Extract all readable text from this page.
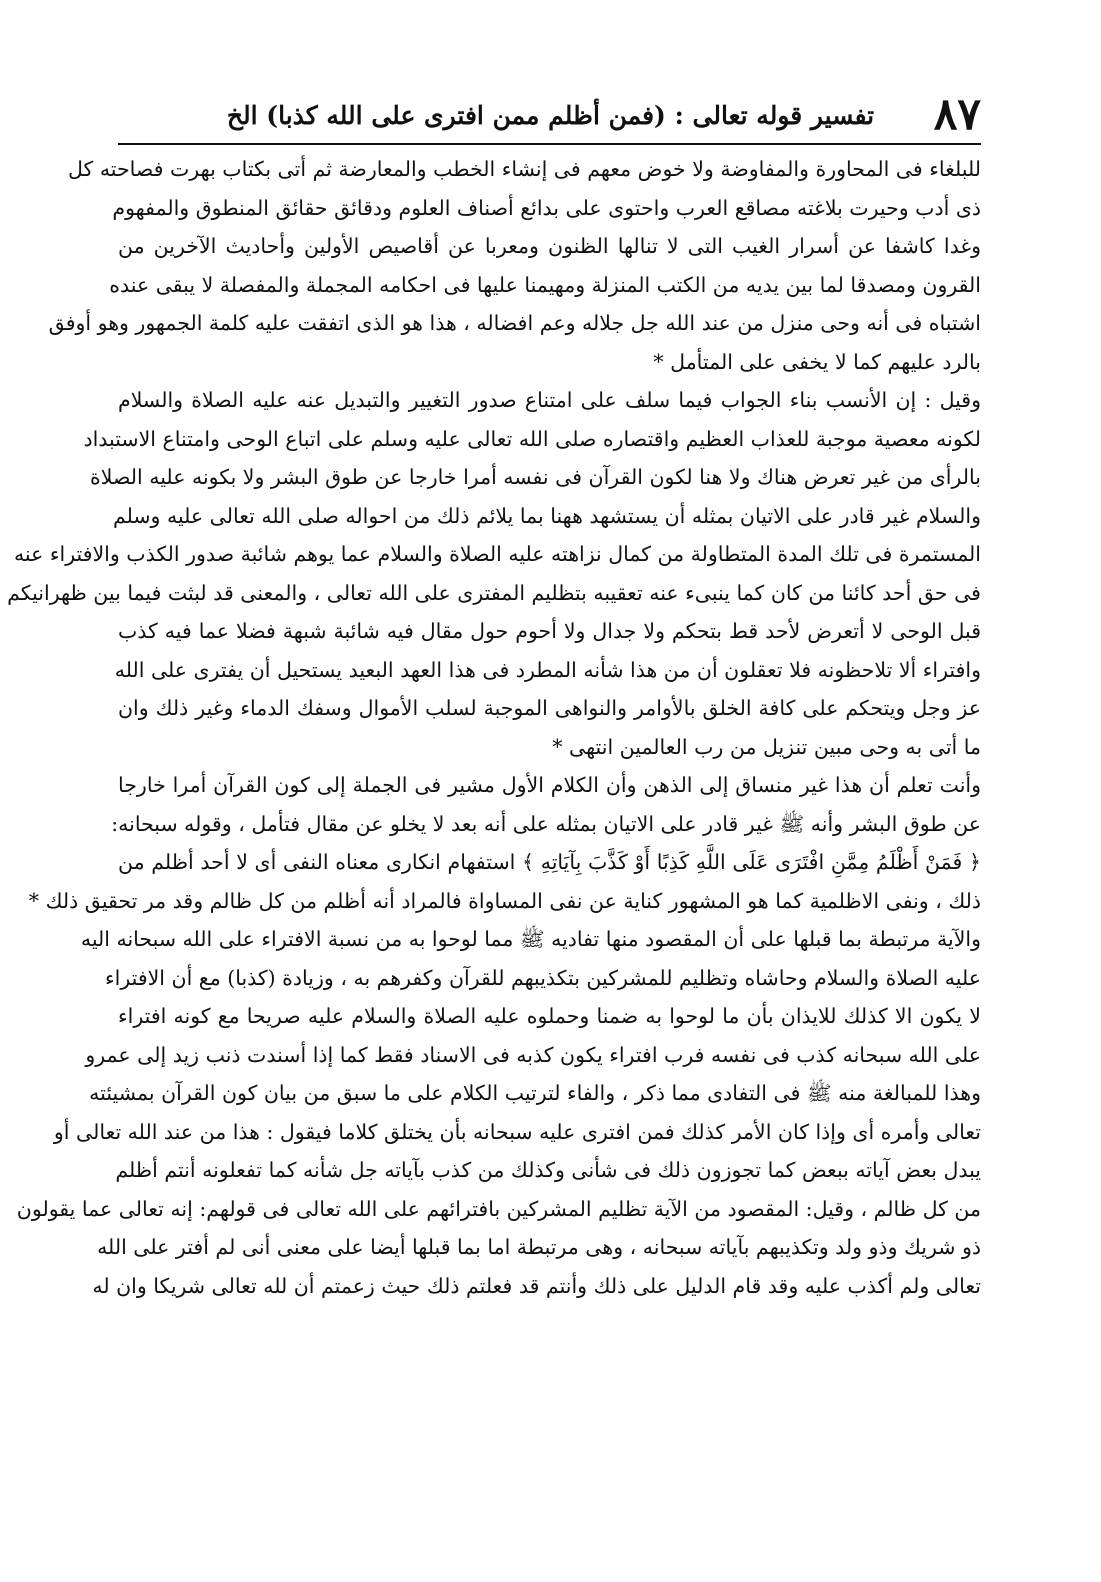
٨٧
تفسير قوله تعالى : (فمن أظلم ممن افترى على الله كذبا) الخ
للبلغاء فى المحاورة والمفاوضة ولا خوض معهم فى إنشاء الخطب والمعارضة ثم أتى بكتاب بهرت فصاحته كل
ذى أدب وحيرت بلاغته مصاقع العرب واحتوى على بدائع أصناف العلوم ودقائق حقائق المنطوق والمفهوم
وغدا كاشفا عن أسرار الغيب التى لا تنالها الظنون ومعربا عن أقاصيص الأولين وأحاديث الآخرين من
القرون ومصدقا لما بين يديه من الكتب المنزلة ومهيمنا عليها فى احكامه المجملة والمفصلة لا يبقى عنده
اشتباه فى أنه وحى منزل من عند الله جل جلاله وعم افضاله ، هذا هو الذى اتفقت عليه كلمة الجمهور وهو أوفق
بالرد عليهم كما لا يخفى على المتأمل *
وقيل : إن الأنسب بناء الجواب فيما سلف على امتناع صدور التغيير والتبديل عنه عليه الصلاة والسلام
لكونه معصية موجبة للعذاب العظيم واقتصاره صلى الله تعالى عليه وسلم على اتباع الوحى وامتناع الاستبداد
بالرأى من غير تعرض هناك ولا هنا لكون القرآن فى نفسه أمرا خارجا عن طوق البشر ولا بكونه عليه الصلاة
والسلام غير قادر على الاتيان بمثله أن يستشهد ههنا بما يلائم ذلك من احواله صلى الله تعالى عليه وسلم
المستمرة فى تلك المدة المتطاولة من كمال نزاهته عليه الصلاة والسلام عما يوهم شائبة صدور الكذب والافتراء عنه
فى حق أحد كائنا من كان كما ينبىء عنه تعقيبه بتظليم المفترى على الله تعالى ، والمعنى قد لبثت فيما بين ظهرانيكم
قبل الوحى لا أتعرض لأحد قط بتحكم ولا جدال ولا أحوم حول مقال فيه شائبة شبهة فضلا عما فيه كذب
وافتراء ألا تلاحظونه فلا تعقلون أن من هذا شأنه المطرد فى هذا العهد البعيد يستحيل أن يفترى على الله
عز وجل ويتحكم على كافة الخلق بالأوامر والنواهى الموجبة لسلب الأموال وسفك الدماء وغير ذلك وان
ما أتى به وحى مبين تنزيل من رب العالمين انتهى *
وأنت تعلم أن هذا غير منساق إلى الذهن وأن الكلام الأول مشير فى الجملة إلى كون القرآن أمرا خارجا
عن طوق البشر وأنه ﷺ غير قادر على الاتيان بمثله على أنه بعد لا يخلو عن مقال فتأمل ، وقوله سبحانه:
﴿ فَمَنْ أَظْلَمُ مِمَّنِ افْتَرَى عَلَى اللَّهِ كَذِبًا أَوْ كَذَّبَ بِآيَاتِهِ ﴾ استفهام انكارى معناه النفى أى لا أحد أظلم من
ذلك ، ونفى الاظلمية كما هو المشهور كناية عن نفى المساواة فالمراد أنه أظلم من كل ظالم وقد مر تحقيق ذلك *
والآية مرتبطة بما قبلها على أن المقصود منها تفاديه ﷺ مما لوحوا به من نسبة الافتراء على الله سبحانه اليه
عليه الصلاة والسلام وحاشاه وتظليم للمشركين بتكذيبهم للقرآن وكفرهم به ، وزيادة (كذبا) مع أن الافتراء
لا يكون الا كذلك للايذان بأن ما لوحوا به ضمنا وحملوه عليه الصلاة والسلام عليه صريحا مع كونه افتراء
على الله سبحانه كذب فى نفسه فرب افتراء يكون كذبه فى الاسناد فقط كما إذا أسندت ذنب زيد إلى عمرو
وهذا للمبالغة منه ﷺ فى التفادى مما ذكر ، والفاء لترتيب الكلام على ما سبق من بيان كون القرآن بمشيئته
تعالى وأمره أى وإذا كان الأمر كذلك فمن افترى عليه سبحانه بأن يختلق كلاما فيقول : هذا من عند الله تعالى أو
يبدل بعض آياته ببعض كما تجوزون ذلك فى شأنى وكذلك من كذب بآياته جل شأنه كما تفعلونه أنتم أظلم
من كل ظالم ، وقيل: المقصود من الآية تظليم المشركين بافترائهم على الله تعالى فى قولهم: إنه تعالى عما يقولون
ذو شريك وذو ولد وتكذيبهم بآياته سبحانه ، وهى مرتبطة اما بما قبلها أيضا على معنى أنى لم أفتر على الله
تعالى ولم أكذب عليه وقد قام الدليل على ذلك وأنتم قد فعلتم ذلك حيث زعمتم أن لله تعالى شريكا وان له
